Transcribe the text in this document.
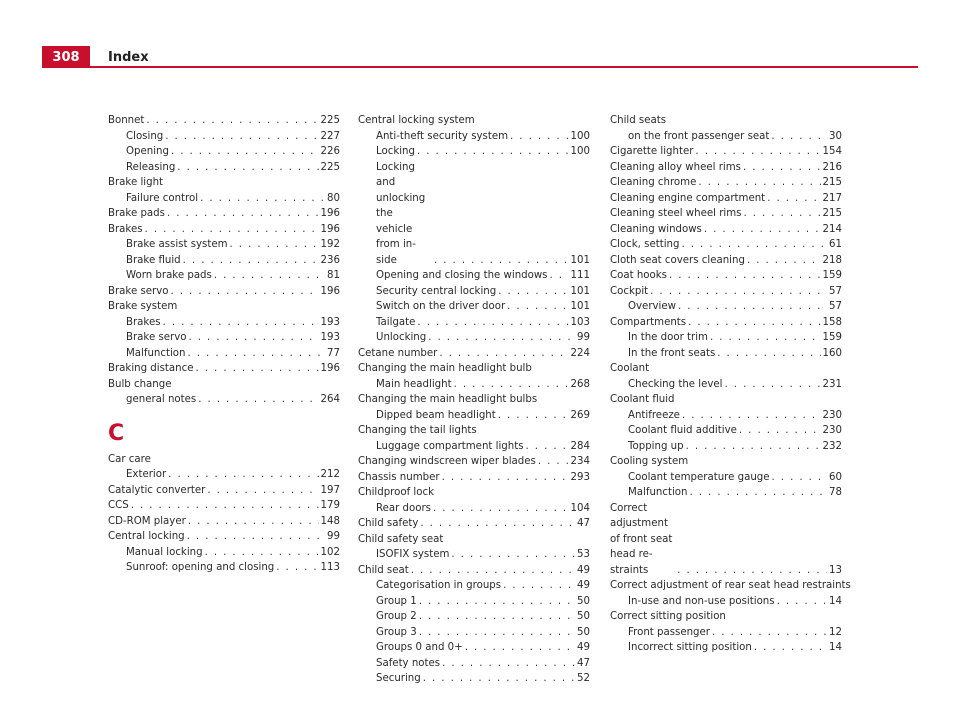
308	Index
Bonnet . . .	225
Closing . . .	227
Opening . . .	226
Releasing . . .	225
Brake light
Failure control . . .	80
Brake pads . . .	196
Brakes . . .	196
Brake assist system . . .	192
Brake fluid . . .	236
Worn brake pads . . .	81
Brake servo . . .	196
Brake system
Brakes . . .	193
Brake servo . . .	193
Malfunction . . .	77
Braking distance . . .	196
Bulb change
general notes . . .	264
C
Car care
Exterior . . .	212
Catalytic converter . . .	197
CCS . . .	179
CD-ROM player . . .	148
Central locking . . .	99
Manual locking . . .	102
Sunroof: opening and closing . . .	113
Central locking system
Anti-theft security system . . .	100
Locking . . .	100
Locking and unlocking the vehicle from in-side . . .	101
Opening and closing the windows . . . 111
Security central locking . . .	101
Switch on the driver door . . .	101
Tailgate . . .	103
Unlocking . . .	99
Cetane number . . .	224
Changing the main headlight bulb
Main headlight . . .	268
Changing the main headlight bulbs
Dipped beam headlight . . .	269
Changing the tail lights
Luggage compartment lights . . .	284
Changing windscreen wiper blades . . .	234
Chassis number . . .	293
Childproof lock
Rear doors . . .	104
Child safety . . .	47
Child safety seat
ISOFIX system . . .	53
Child seat . . .	49
Categorisation in groups . . .	49
Group 1 . . .	50
Group 2 . . .	50
Group 3 . . .	50
Groups 0 and 0+ . . .	49
Safety notes . . .	47
Securing . . .	52
Child seats
on the front passenger seat . . .	30
Cigarette lighter . . .	154
Cleaning alloy wheel rims . . .	216
Cleaning chrome . . .	215
Cleaning engine compartment . . .	217
Cleaning steel wheel rims . . .	215
Cleaning windows . . .	214
Clock, setting . . .	61
Cloth seat covers cleaning . . .	218
Coat hooks . . .	159
Cockpit . . .	57
Overview . . .	57
Compartments . . .	158
In the door trim . . .	159
In the front seats . . .	160
Coolant
Checking the level . . .	231
Coolant fluid
Antifreeze . . .	230
Coolant fluid additive . . .	230
Topping up . . .	232
Cooling system
Coolant temperature gauge . . .	60
Malfunction . . .	78
Correct adjustment of front seat head re-straints . . .	13
Correct adjustment of rear seat head restraints
In-use and non-use positions . . .	14
Correct sitting position
Front passenger . . .	12
Incorrect sitting position . . .	14
